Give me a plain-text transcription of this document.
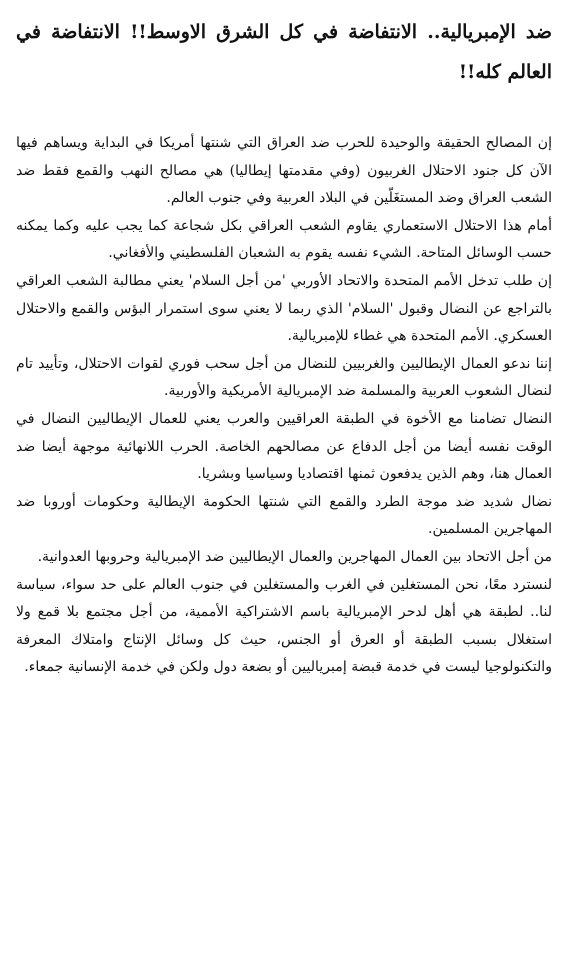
ضد الإمبريالية.. الانتفاضة في كل الشرق الاوسط!! الانتفاضة في العالم كله!!

إن المصالح الحقيقة والوحيدة للحرب ضد العراق التي شنتها أمريكا في البداية ويساهم فيها الآن كل جنود الاحتلال الغربيون (وفي مقدمتها إيطاليا) هي مصالح النهب والقمع فقط ضد الشعب العراق وضد المستغَلّين في البلاد العربية وفي جنوب العالم.

أمام هذا الاحتلال الاستعماري يقاوم الشعب العراقي بكل شجاعة كما يجب عليه وكما يمكنه حسب الوسائل المتاحة. الشيء نفسه يقوم به الشعبان الفلسطيني والأفغاني.

إن طلب تدخل الأمم المتحدة والاتحاد الأوربي 'من أجل السلام' يعني مطالبة الشعب العراقي بالتراجع عن النضال وقبول 'السلام' الذي ربما لا يعني سوى استمرار البؤس والقمع والاحتلال العسكري. الأمم المتحدة هي غطاء للإمبريالية.

إننا ندعو العمال الإيطاليين والغربيين للنضال من أجل سحب فوري لقوات الاحتلال، وتأييد تام لنضال الشعوب العربية والمسلمة ضد الإمبريالية الأمريكية والأوربية.

النضال تضامنا مع الأخوة في الطبقة العراقيين والعرب يعني للعمال الإيطاليين النضال في الوقت نفسه أيضا من أجل الدفاع عن مصالحهم الخاصة. الحرب اللانهائية موجهة أيضا ضد العمال هنا، وهم الذين يدفعون ثمنها اقتصاديا وسياسيا وبشريا.

نضال شديد ضد موجة الطرد والقمع التي شنتها الحكومة الإيطالية وحكومات أوروبا ضد المهاجرين المسلمين.

من أجل الاتحاد بين العمال المهاجرين والعمال الإيطاليين ضد الإمبريالية وحروبها العدوانية.

لنسترد معًا، نحن المستغلين في الغرب والمستغلين في جنوب العالم على حد سواء، سياسة لنا.. لطبقة هي أهل لدحر الإمبريالية باسم الاشتراكية الأممية، من أجل مجتمع بلا قمع ولا استغلال بسبب الطبقة أو العرق أو الجنس، حيث كل وسائل الإنتاج وامتلاك المعرفة والتكنولوجيا ليست في خدمة قبضة إمبرياليين أو بضعة دول ولكن في خدمة الإنسانية جمعاء.
